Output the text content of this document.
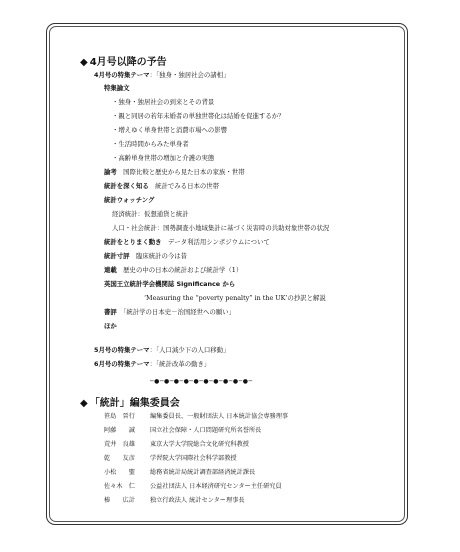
◆ 4月号以降の予告
4月号の特集テーマ：「独身・独居社会の諸相」
特集論文
・独身・独居社会の到来とその背景
・親と同居の若年未婚者の単独世帯化は結婚を促進するか？
・増えゆく単身世帯と消費市場への影響
・生活時間からみた単身者
・高齢単身世帯の増加と介護の実態
論考　 国際比較と歴史から見た日本の家族・世帯
統計を深く知る　 統計でみる日本の世帯
統計ウォッチング
経済統計：仮想通貨と統計
人口・社会統計：国勢調査小地域集計に基づく災害時の共助対象世帯の状況
統計をとりまく動き　 データ利活用シンポジウムについて
統計寸評　 臨床統計の今は昔
連載　 歴史の中の日本の統計および統計学（1）
英国王立統計学会機関誌 Significance から
‘Measuring the “poverty penalty” in the UK’の抄訳と解説
書評　 「統計学の日本史－治国経世への願い」
ほか
5月号の特集テーマ：「人口減少下の人口移動」
6月号の特集テーマ：「統計改革の動き」
─●─●─●─●─●─●─●─●─●─●─
◆ 「統計」編集委員会
笹島　晉行 編集委員長、一般財団法人 日本統計協会専務理事
阿藤　　誠 国立社会保障・人口問題研究所名誉所長
荒井　良雄 東京大学大学院総合文化研究科教授
乾　　友彦 学習院大学国際社会科学部教授
小松　　聖 総務省統計局統計調査部経済統計課長
佐々木　仁 公益社団法人 日本経済研究センター主任研究員
椿　　広計 独立行政法人 統計センター理事長
